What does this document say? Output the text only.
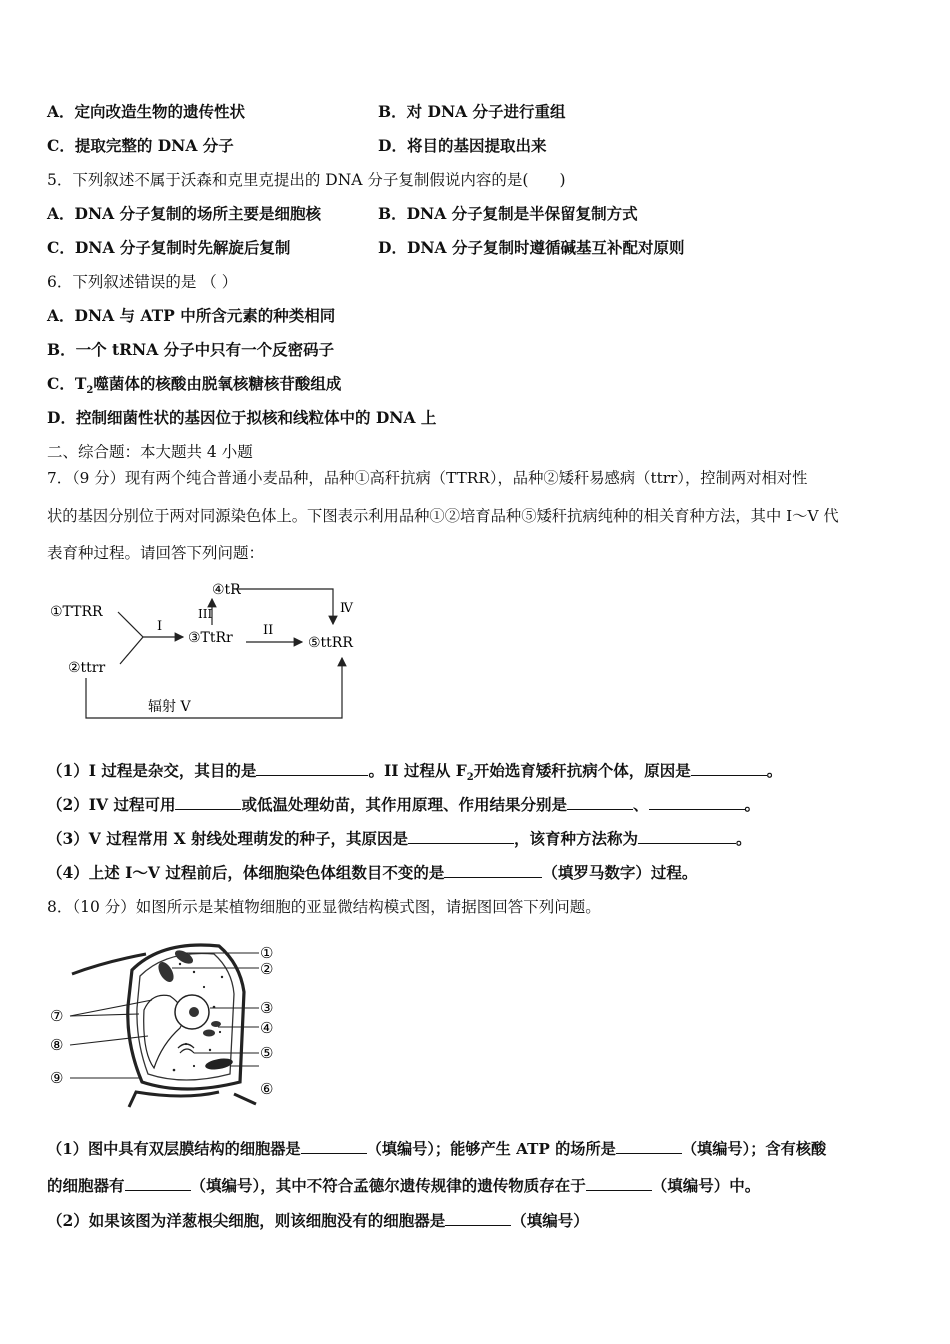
A．定向改造生物的遗传性状	B．对 DNA 分子进行重组
C．提取完整的 DNA 分子	D．将目的基因提取出来
5．下列叙述不属于沃森和克里克提出的 DNA 分子复制假说内容的是(　　)
A．DNA 分子复制的场所主要是细胞核	B．DNA 分子复制是半保留复制方式
C．DNA 分子复制时先解旋后复制	D．DNA 分子复制时遵循碱基互补配对原则
6．下列叙述错误的是 （ ）
A．DNA 与 ATP 中所含元素的种类相同
B．一个 tRNA 分子中只有一个反密码子
C．$T_2$噬菌体的核酸由脱氧核糖核苷酸组成
D．控制细菌性状的基因位于拟核和线粒体中的 DNA 上
二、综合题：本大题共 4 小题
7．（9 分）现有两个纯合普通小麦品种，品种①高秆抗病（TTRR），品种②矮秆易感病（ttrr），控制两对相对性
状的基因分别位于两对同源染色体上。下图表示利用品种①②培育品种⑤矮秆抗病纯种的相关育种方法，其中 I～V 代
表育种过程。请回答下列问题：
①TTRR
②ttrr
③TtRr
④tR
⑤ttRR
I
III
II
Ⅳ
辐射 V
（1）I 过程是杂交，其目的是	。II 过程从 $F_2$开始选育矮秆抗病个体，原因是	。
（2）IV 过程可用	或低温处理幼苗，其作用原理、作用结果分别是	、	。
（3）V 过程常用 X 射线处理萌发的种子，其原因是	，该育种方法称为	。
（4）上述 I～V 过程前后，体细胞染色体组数目不变的是	（填罗马数字）过程。
8．（10 分）如图所示是某植物细胞的亚显微结构模式图，请据图回答下列问题。
①
②
③
④
⑤
⑥
⑦
⑧
⑨
（1）图中具有双层膜结构的细胞器是	（填编号）；能够产生 ATP 的场所是	（填编号）；含有核酸
的细胞器有	（填编号），其中不符合孟德尔遗传规律的遗传物质存在于	（填编号）中。
（2）如果该图为洋葱根尖细胞，则该细胞没有的细胞器是	（填编号）
